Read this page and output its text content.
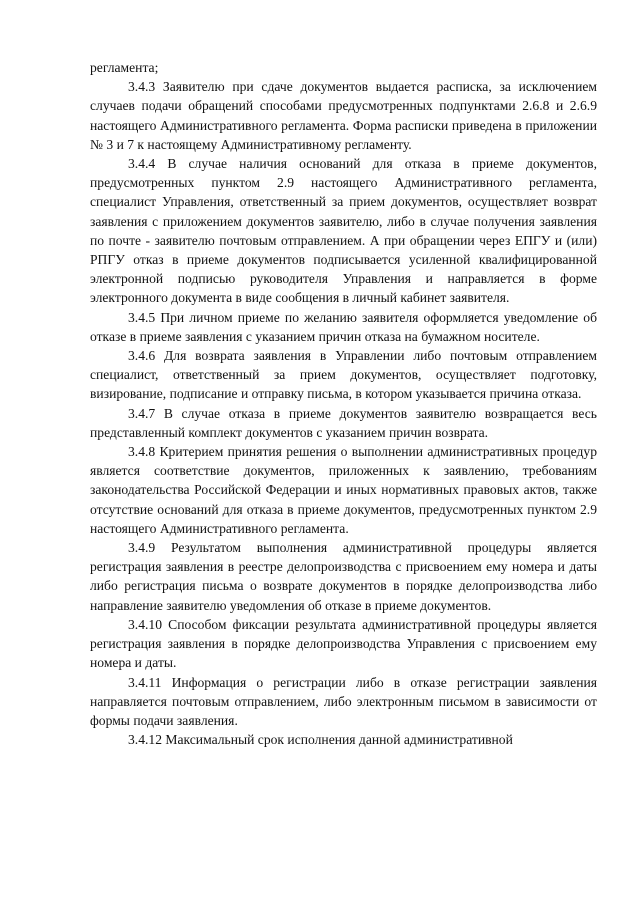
регламента;

3.4.3 Заявителю при сдаче документов выдается расписка, за исключением случаев подачи обращений способами предусмотренных подпунктами 2.6.8 и 2.6.9 настоящего Административного регламента. Форма расписки приведена в приложении № 3 и 7 к настоящему Административному регламенту.

3.4.4 В случае наличия оснований для отказа в приеме документов, предусмотренных пунктом 2.9 настоящего Административного регламента, специалист Управления, ответственный за прием документов, осуществляет возврат заявления с приложением документов заявителю, либо в случае получения заявления по почте - заявителю почтовым отправлением. А при обращении через ЕПГУ и (или) РПГУ отказ в приеме документов подписывается усиленной квалифицированной электронной подписью руководителя Управления и направляется в форме электронного документа в виде сообщения в личный кабинет заявителя.

3.4.5 При личном приеме по желанию заявителя оформляется уведомление об отказе в приеме заявления с указанием причин отказа на бумажном носителе.

3.4.6 Для возврата заявления в Управлении либо почтовым отправлением специалист, ответственный за прием документов, осуществляет подготовку, визирование, подписание и отправку письма, в котором указывается причина отказа.

3.4.7 В случае отказа в приеме документов заявителю возвращается весь представленный комплект документов с указанием причин возврата.

3.4.8 Критерием принятия решения о выполнении административных процедур является соответствие документов, приложенных к заявлению, требованиям законодательства Российской Федерации и иных нормативных правовых актов, также отсутствие оснований для отказа в приеме документов, предусмотренных пунктом 2.9 настоящего Административного регламента.

3.4.9 Результатом выполнения административной процедуры является регистрация заявления в реестре делопроизводства с присвоением ему номера и даты либо регистрация письма о возврате документов в порядке делопроизводства либо направление заявителю уведомления об отказе в приеме документов.

3.4.10 Способом фиксации результата административной процедуры является регистрация заявления в порядке делопроизводства Управления с присвоением ему номера и даты.

3.4.11 Информация о регистрации либо в отказе регистрации заявления направляется почтовым отправлением, либо электронным письмом в зависимости от формы подачи заявления.

3.4.12 Максимальный срок исполнения данной административной
